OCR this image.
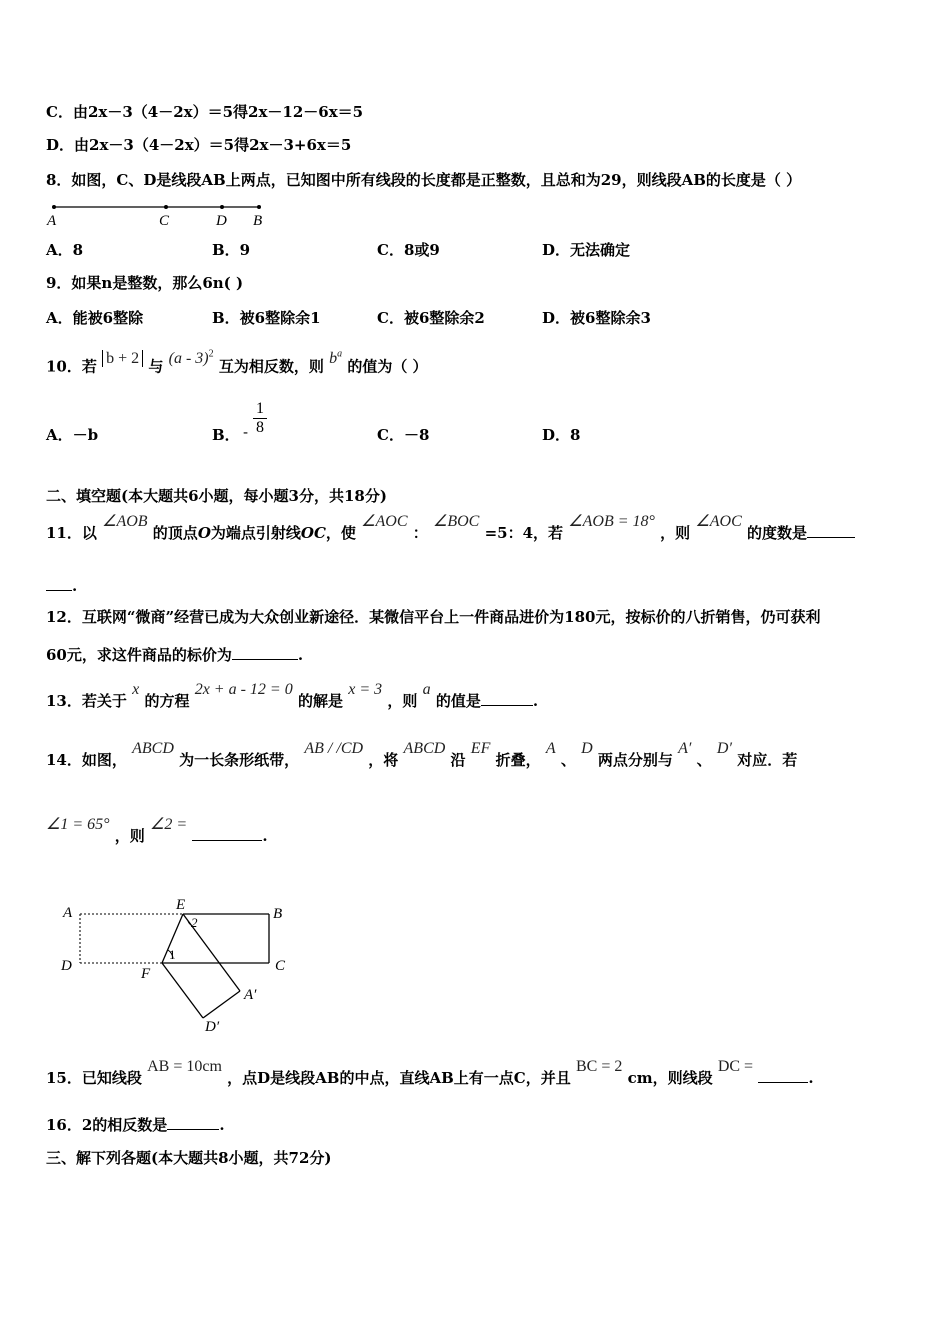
C．由2x－3（4－2x）＝5得2x－12－6x＝5
D．由2x－3（4－2x）＝5得2x－3+6x＝5
8．如图，C、D是线段AB上两点，已知图中所有线段的长度都是正整数，且总和为29，则线段AB的长度是（ ）
A	C	D B
A．8	B．9	C．8或9	D．无法确定
9．如果n是整数，那么6n( )
A．能被6整除	B．被6整除余1	C．被6整除余2	D．被6整除余3
10．若 b + 2 与 (a - 3)$^2$ 互为相反数，则 $b^a$ 的值为（ ）
A．－b	B． - $\frac{1}{8}$	C．－8	D．8
二、填空题(本大题共6小题，每小题3分，共18分)
11．以 ∠AOB 的顶点O为端点引射线OC，使 ∠AOC ： ∠BOC =5：4，若 ∠AOB = 18° ，则 ∠AOC 的度数是
.
12．互联网“微商”经营已成为大众创业新途径．某微信平台上一件商品进价为180元，按标价的八折销售，仍可获利
60元，求这件商品的标价为	.
13．若关于 x 的方程 2x + a - 12 = 0 的解是 x = 3 ，则 a 的值是	.
14．如图， ABCD 为一长条形纸带， AB / /CD ，将 ABCD 沿 EF 折叠， A 、 D 两点分别与 A′ 、 D′ 对应．若
∠1 = 65° ，则 ∠2 = .
A	E
B
D	F	C
A′
D′
1
2
15．已知线段 AB = 10cm ，点D是线段AB的中点，直线AB上有一点C，并且 BC = 2 cm，则线段 DC = .
16．2的相反数是	.
三、解下列各题(本大题共8小题，共72分)
